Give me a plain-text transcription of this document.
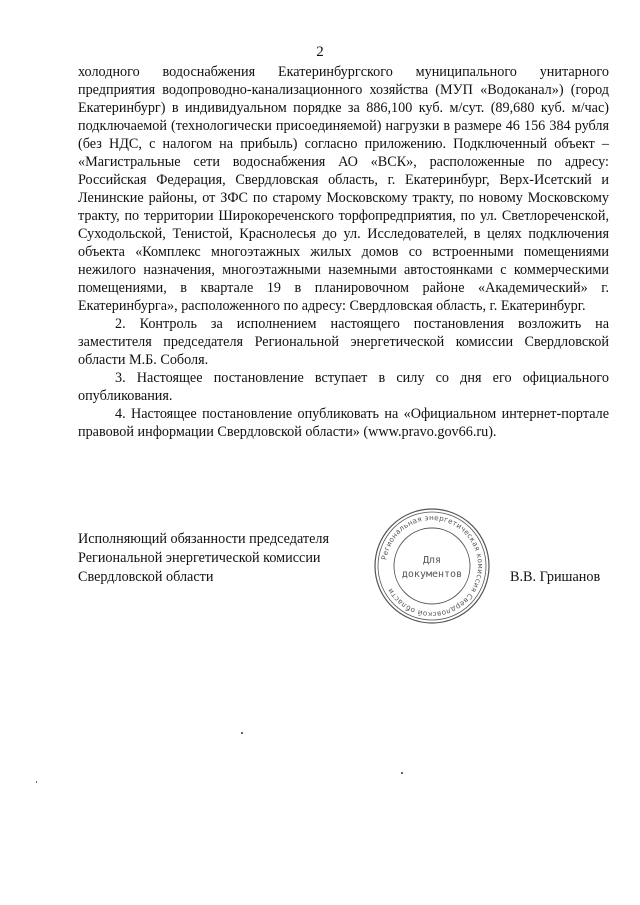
2

холодного водоснабжения Екатеринбургского муниципального унитарного предприятия водопроводно-канализационного хозяйства (МУП «Водоканал») (город Екатеринбург) в индивидуальном порядке за 886,100 куб. м/сут. (89,680 куб. м/час) подключаемой (технологически присоединяемой) нагрузки в размере 46 156 384 рубля (без НДС, с налогом на прибыль) согласно приложению. Подключенный объект – «Магистральные сети водоснабжения АО «ВСК», расположенные по адресу: Российская Федерация, Свердловская область, г. Екатеринбург, Верх-Исетский и Ленинские районы, от ЗФС по старому Московскому тракту, по новому Московскому тракту, по территории Широкореченского торфопредприятия, по ул. Светлореченской, Суходольской, Тенистой, Краснолесья до ул. Исследователей, в целях подключения объекта «Комплекс многоэтажных жилых домов со встроенными помещениями нежилого назначения, многоэтажными наземными автостоянками с коммерческими помещениями, в квартале 19 в планировочном районе «Академический» г. Екатеринбурга», расположенного по адресу: Свердловская область, г. Екатеринбург.

2. Контроль за исполнением настоящего постановления возложить на заместителя председателя Региональной энергетической комиссии Свердловской области М.Б. Соболя.

3. Настоящее постановление вступает в силу со дня его официального опубликования.

4. Настоящее постановление опубликовать на «Официальном интернет-портале правовой информации Свердловской области» (www.pravo.gov66.ru).

Исполняющий обязанности председателя
Региональной энергетической комиссии
Свердловской области
Региональная энергетическая комиссия Свердловской области
Для
документов	В.В. Гришанов
